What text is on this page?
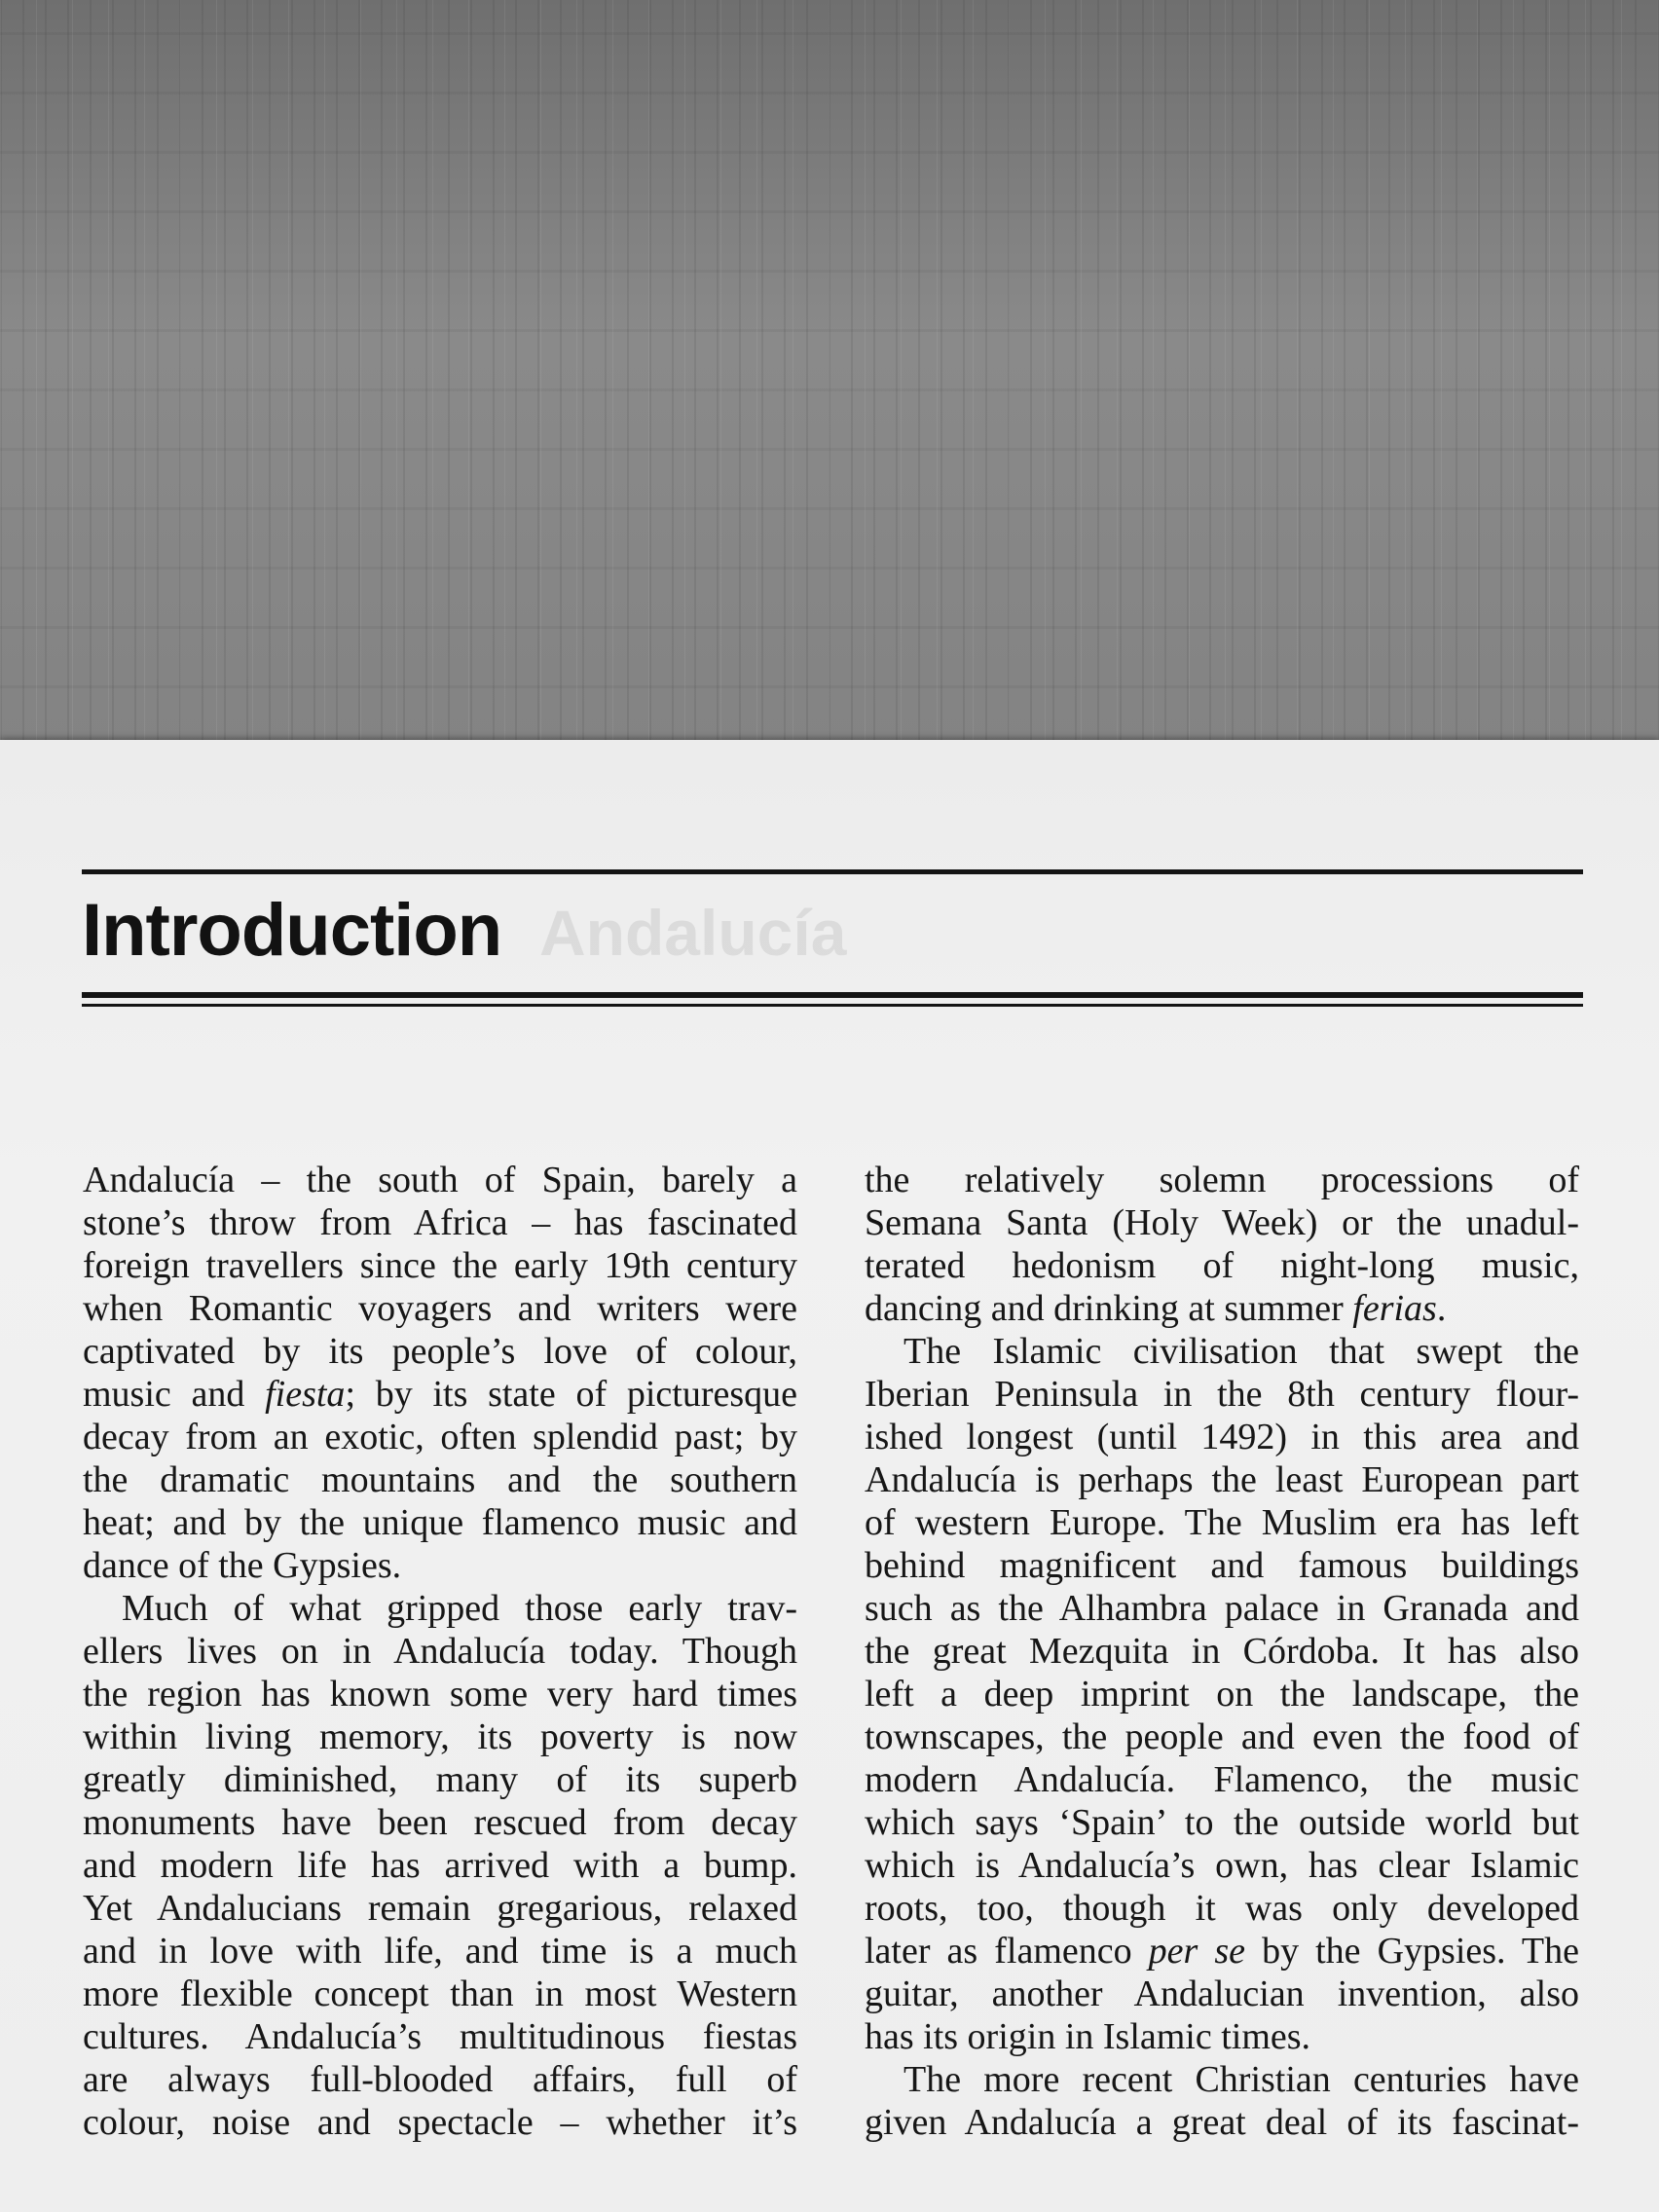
Andalucía
Introduction
Andalucía – the south of Spain, barely a
stone’s throw from Africa – has fascinated
foreign travellers since the early 19th century
when Romantic voyagers and writers were
captivated by its people’s love of colour,
music and fiesta; by its state of picturesque
decay from an exotic, often splendid past; by
the dramatic mountains and the southern
heat; and by the unique flamenco music and
dance of the Gypsies.
Much of what gripped those early trav-
ellers lives on in Andalucía today. Though
the region has known some very hard times
within living memory, its poverty is now
greatly diminished, many of its superb
monuments have been rescued from decay
and modern life has arrived with a bump.
Yet Andalucians remain gregarious, relaxed
and in love with life, and time is a much
more flexible concept than in most Western
cultures. Andalucía’s multitudinous fiestas
are always full-blooded affairs, full of
colour, noise and spectacle – whether it’s
the relatively solemn processions of
Semana Santa (Holy Week) or the unadul-
terated hedonism of night-long music,
dancing and drinking at summer ferias.
The Islamic civilisation that swept the
Iberian Peninsula in the 8th century flour-
ished longest (until 1492) in this area and
Andalucía is perhaps the least European part
of western Europe. The Muslim era has left
behind magnificent and famous buildings
such as the Alhambra palace in Granada and
the great Mezquita in Córdoba. It has also
left a deep imprint on the landscape, the
townscapes, the people and even the food of
modern Andalucía. Flamenco, the music
which says ‘Spain’ to the outside world but
which is Andalucía’s own, has clear Islamic
roots, too, though it was only developed
later as flamenco per se by the Gypsies. The
guitar, another Andalucian invention, also
has its origin in Islamic times.
The more recent Christian centuries have
given Andalucía a great deal of its fascinat-
